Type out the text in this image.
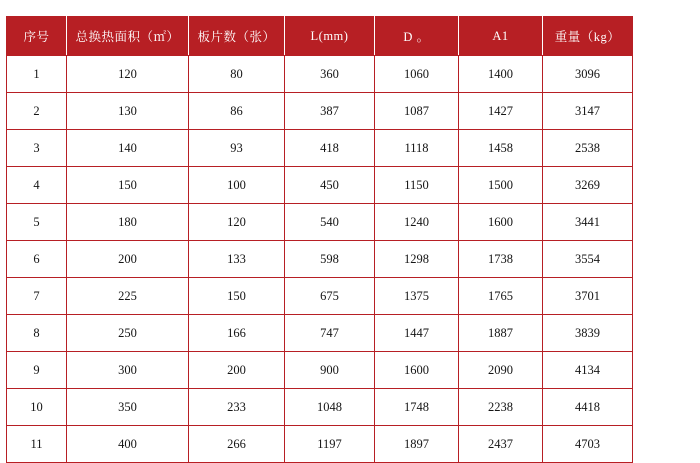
序号	总换热面积（㎡）	板片数（张）	L(mm)	D 。	A1	重量（kg）
1	120	80	360	1060	1400	3096
2	130	86	387	1087	1427	3147
3	140	93	418	1118	1458	2538
4	150	100	450	1150	1500	3269
5	180	120	540	1240	1600	3441
6	200	133	598	1298	1738	3554
7	225	150	675	1375	1765	3701
8	250	166	747	1447	1887	3839
9	300	200	900	1600	2090	4134
10	350	233	1048	1748	2238	4418
11	400	266	1197	1897	2437	4703
